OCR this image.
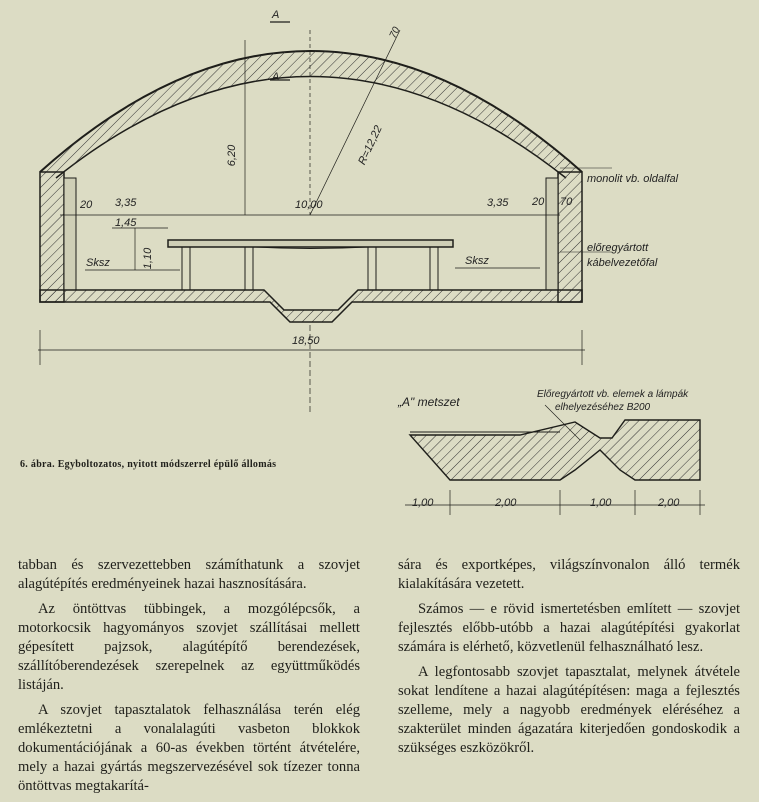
A
A
70
6,20	R=12,22
3,35
20	10,00	3,35 20 70
1,45
1,10
Sksz	Sksz
18,50
monolit vb. oldalfal
előregyártott
kábelvezetőfal
„A" metszet
Előregyártott vb. elemek a lámpák
elhelyezéséhez B200
1,00	2,00	1,00	2,00
6. ábra. Egyboltozatos, nyitott módszerrel épülő állomás

tabban és szervezettebben számíthatunk a szovjet alagútépítés eredményeinek hazai hasznosítására.

Az öntöttvas tübbingek, a mozgólépcsők, a motorkocsik hagyományos szovjet szállításai mellett gépesített pajzsok, alagútépítő berendezések, szállítóberendezések szerepelnek az együttműködés listáján.

A szovjet tapasztalatok felhasználása terén elég emlékeztetni a vonalalagúti vasbeton blokkok dokumentációjának a 60-as években történt átvételére, mely a hazai gyártás megszervezésével sok tízezer tonna öntöttvas megtakarítá-

sára és exportképes, világszínvonalon álló termék kialakítására vezetett.

Számos — e rövid ismertetésben említett — szovjet fejlesztés előbb-utóbb a hazai alagútépítési gyakorlat számára is elérhető, közvetlenül felhasználható lesz.

A legfontosabb szovjet tapasztalat, melynek átvétele sokat lendítene a hazai alagútépítésen: maga a fejlesztés szelleme, mely a nagyobb eredmények eléréséhez a szakterület minden ágazatára kiterjedően gondoskodik a szükséges eszközökről.
